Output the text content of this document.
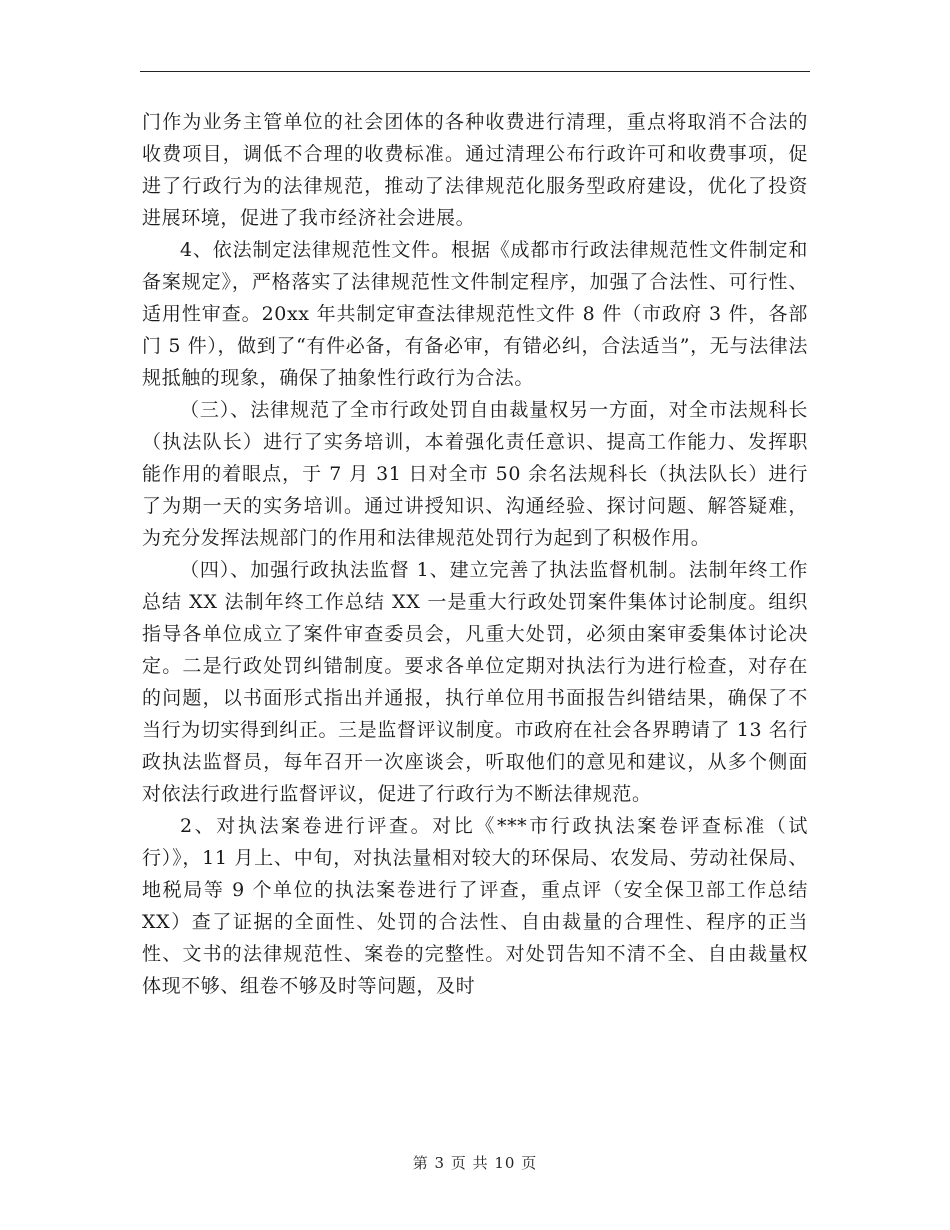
门作为业务主管单位的社会团体的各种收费进行清理，重点将取消不合法的收费项目，调低不合理的收费标准。通过清理公布行政许可和收费事项，促进了行政行为的法律规范，推动了法律规范化服务型政府建设，优化了投资进展环境，促进了我市经济社会进展。

4、依法制定法律规范性文件。根据《成都市行政法律规范性文件制定和备案规定》，严格落实了法律规范性文件制定程序，加强了合法性、可行性、适用性审查。20xx 年共制定审查法律规范性文件 8 件（市政府 3 件，各部门 5 件），做到了“有件必备，有备必审，有错必纠，合法适当”，无与法律法规抵触的现象，确保了抽象性行政行为合法。

（三）、法律规范了全市行政处罚自由裁量权另一方面，对全市法规科长（执法队长）进行了实务培训，本着强化责任意识、提高工作能力、发挥职能作用的着眼点，于 7 月 31 日对全市 50 余名法规科长（执法队长）进行了为期一天的实务培训。通过讲授知识、沟通经验、探讨问题、解答疑难，为充分发挥法规部门的作用和法律规范处罚行为起到了积极作用。

（四）、加强行政执法监督 1、建立完善了执法监督机制。法制年终工作总结 XX 法制年终工作总结 XX 一是重大行政处罚案件集体讨论制度。组织指导各单位成立了案件审查委员会，凡重大处罚，必须由案审委集体讨论决定。二是行政处罚纠错制度。要求各单位定期对执法行为进行检查，对存在的问题，以书面形式指出并通报，执行单位用书面报告纠错结果，确保了不当行为切实得到纠正。三是监督评议制度。市政府在社会各界聘请了 13 名行政执法监督员，每年召开一次座谈会，听取他们的意见和建议，从多个侧面对依法行政进行监督评议，促进了行政行为不断法律规范。

2、对执法案卷进行评查。对比《***市行政执法案卷评查标准（试行）》，11 月上、中旬，对执法量相对较大的环保局、农发局、劳动社保局、地税局等 9 个单位的执法案卷进行了评查，重点评（安全保卫部工作总结 XX）查了证据的全面性、处罚的合法性、自由裁量的合理性、程序的正当性、文书的法律规范性、案卷的完整性。对处罚告知不清不全、自由裁量权体现不够、组卷不够及时等问题，及时

第 3 页 共 10 页
